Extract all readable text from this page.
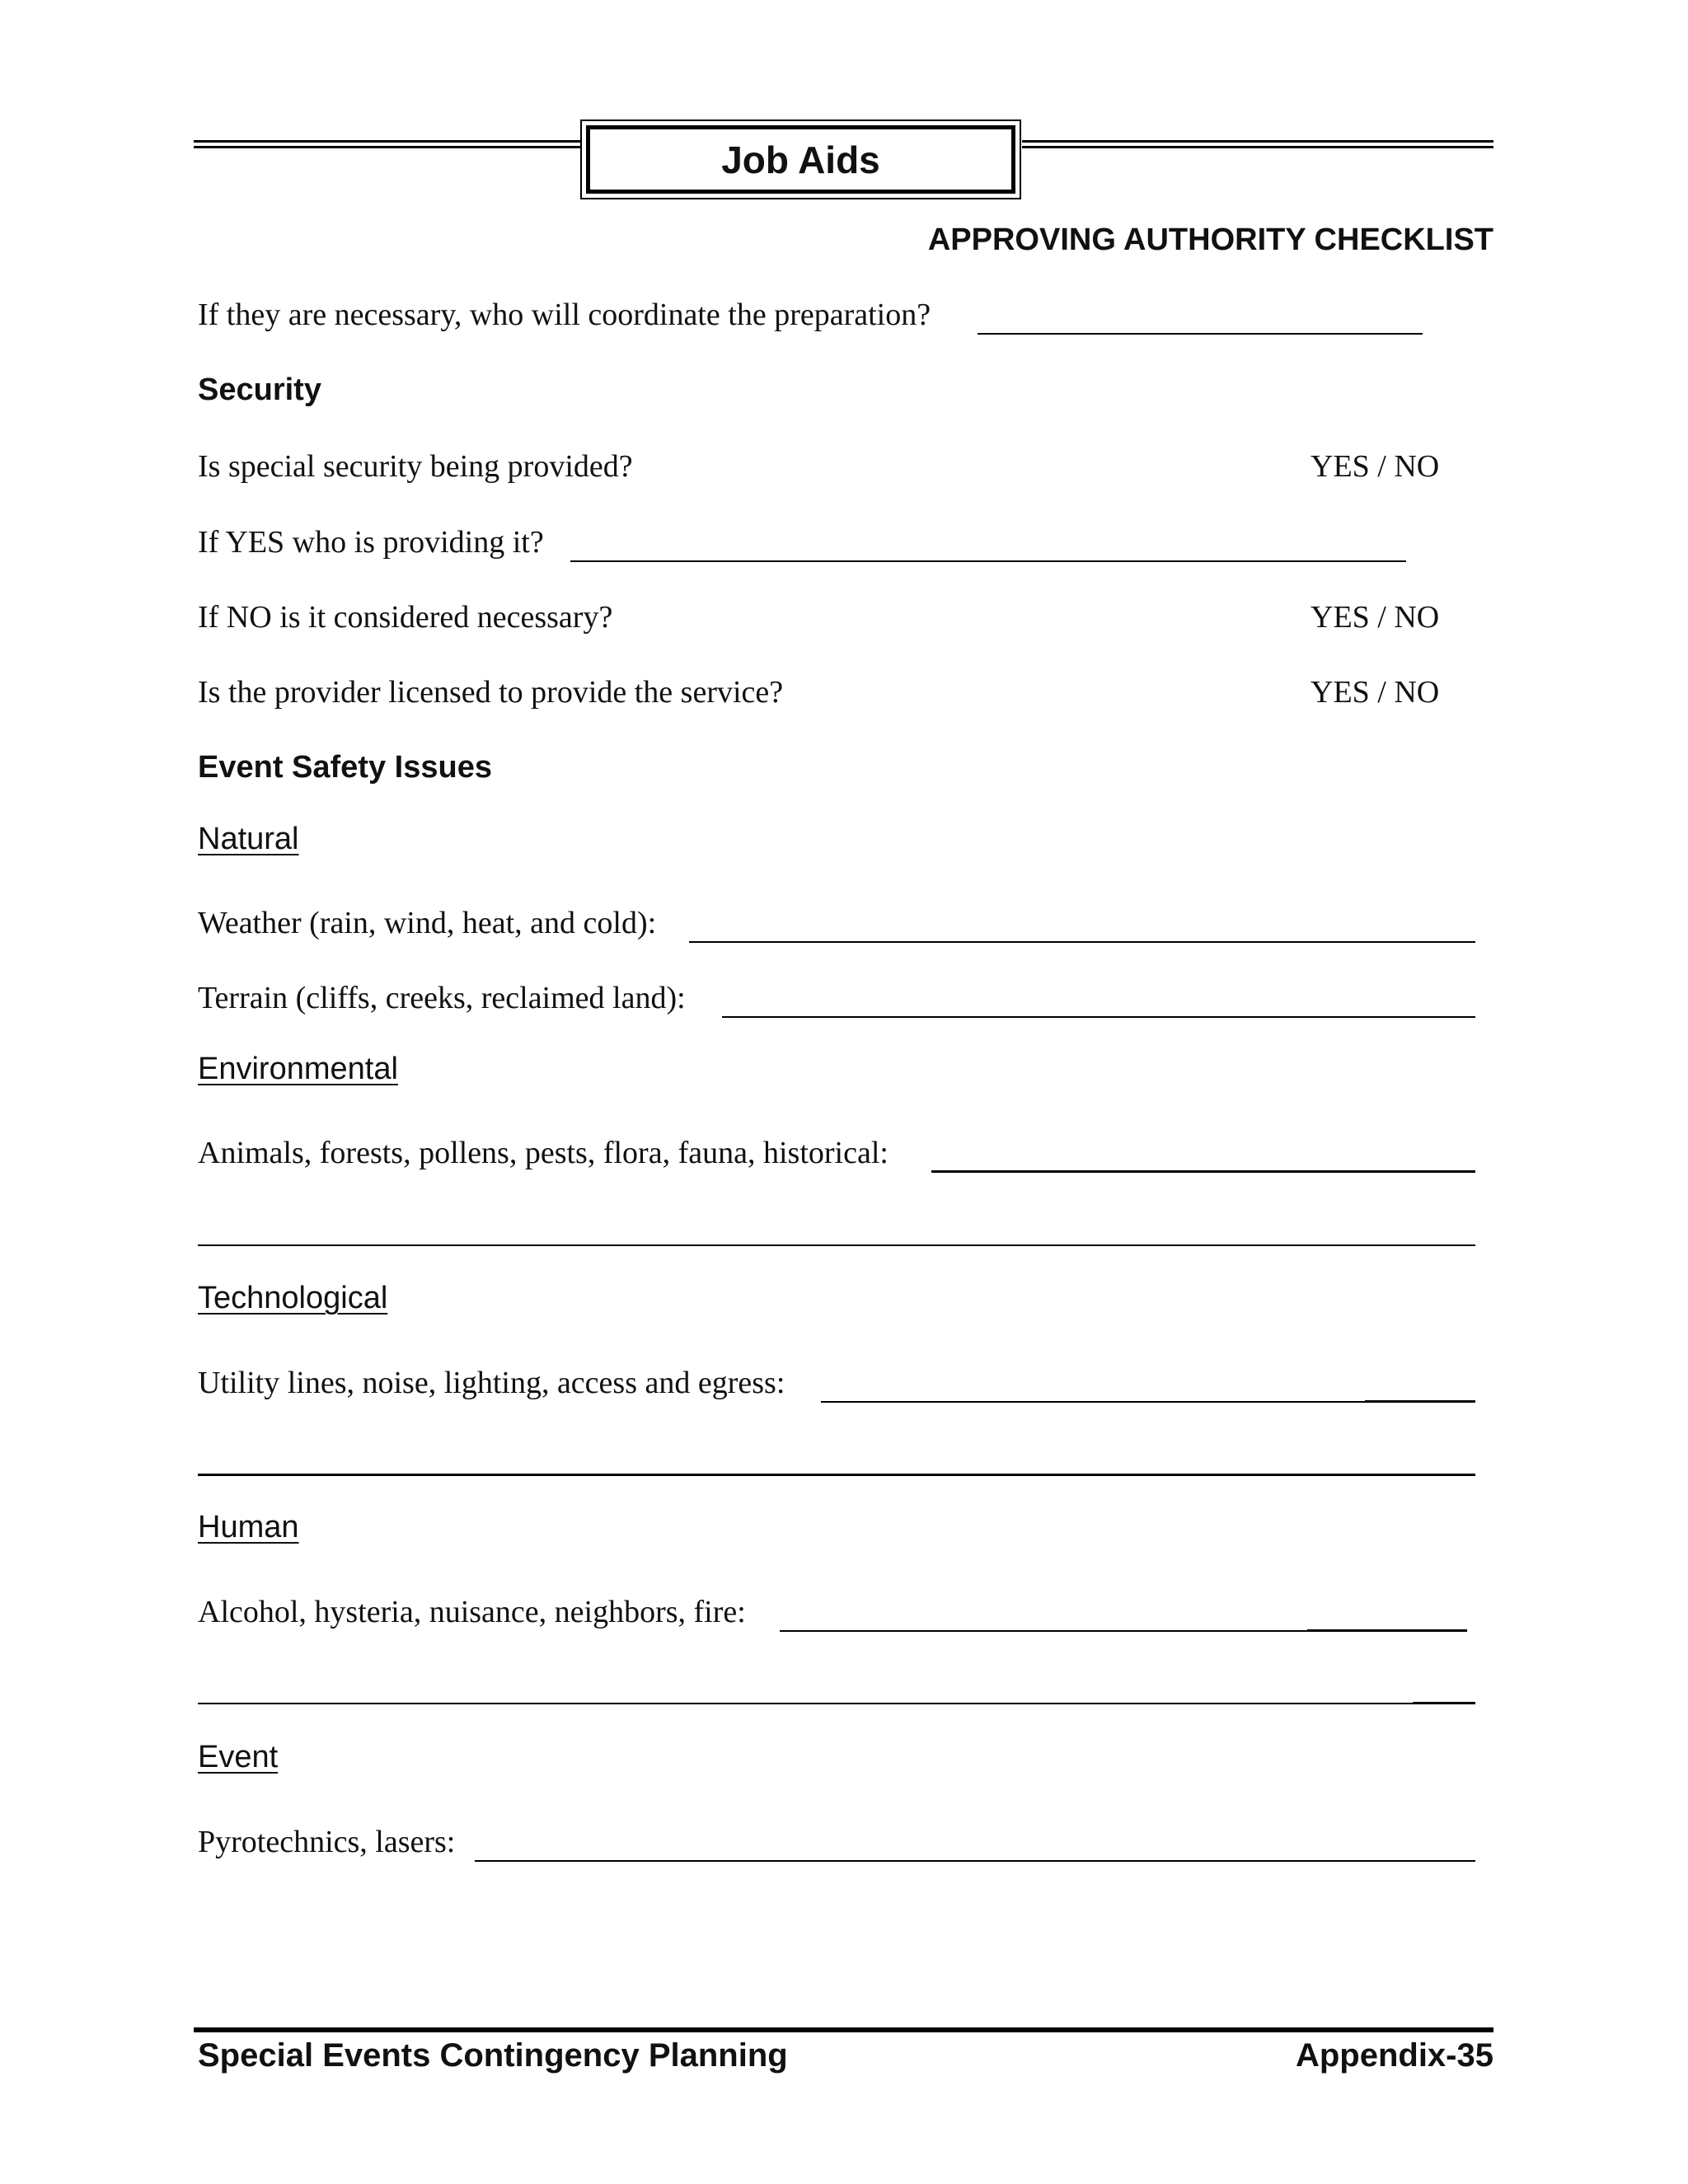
Job Aids
APPROVING AUTHORITY CHECKLIST
If they are necessary, who will coordinate the preparation?
Security
Is special security being provided?	YES / NO
If YES who is providing it?
If NO is it considered necessary?	YES / NO
Is the provider licensed to provide the service?	YES / NO
Event Safety Issues
Natural
Weather (rain, wind, heat, and cold):
Terrain (cliffs, creeks, reclaimed land):
Environmental
Animals, forests, pollens, pests, flora, fauna, historical:
Technological
Utility lines, noise, lighting, access and egress:
Human
Alcohol, hysteria, nuisance, neighbors, fire:
Event
Pyrotechnics, lasers:
Special Events Contingency Planning	Appendix-35
